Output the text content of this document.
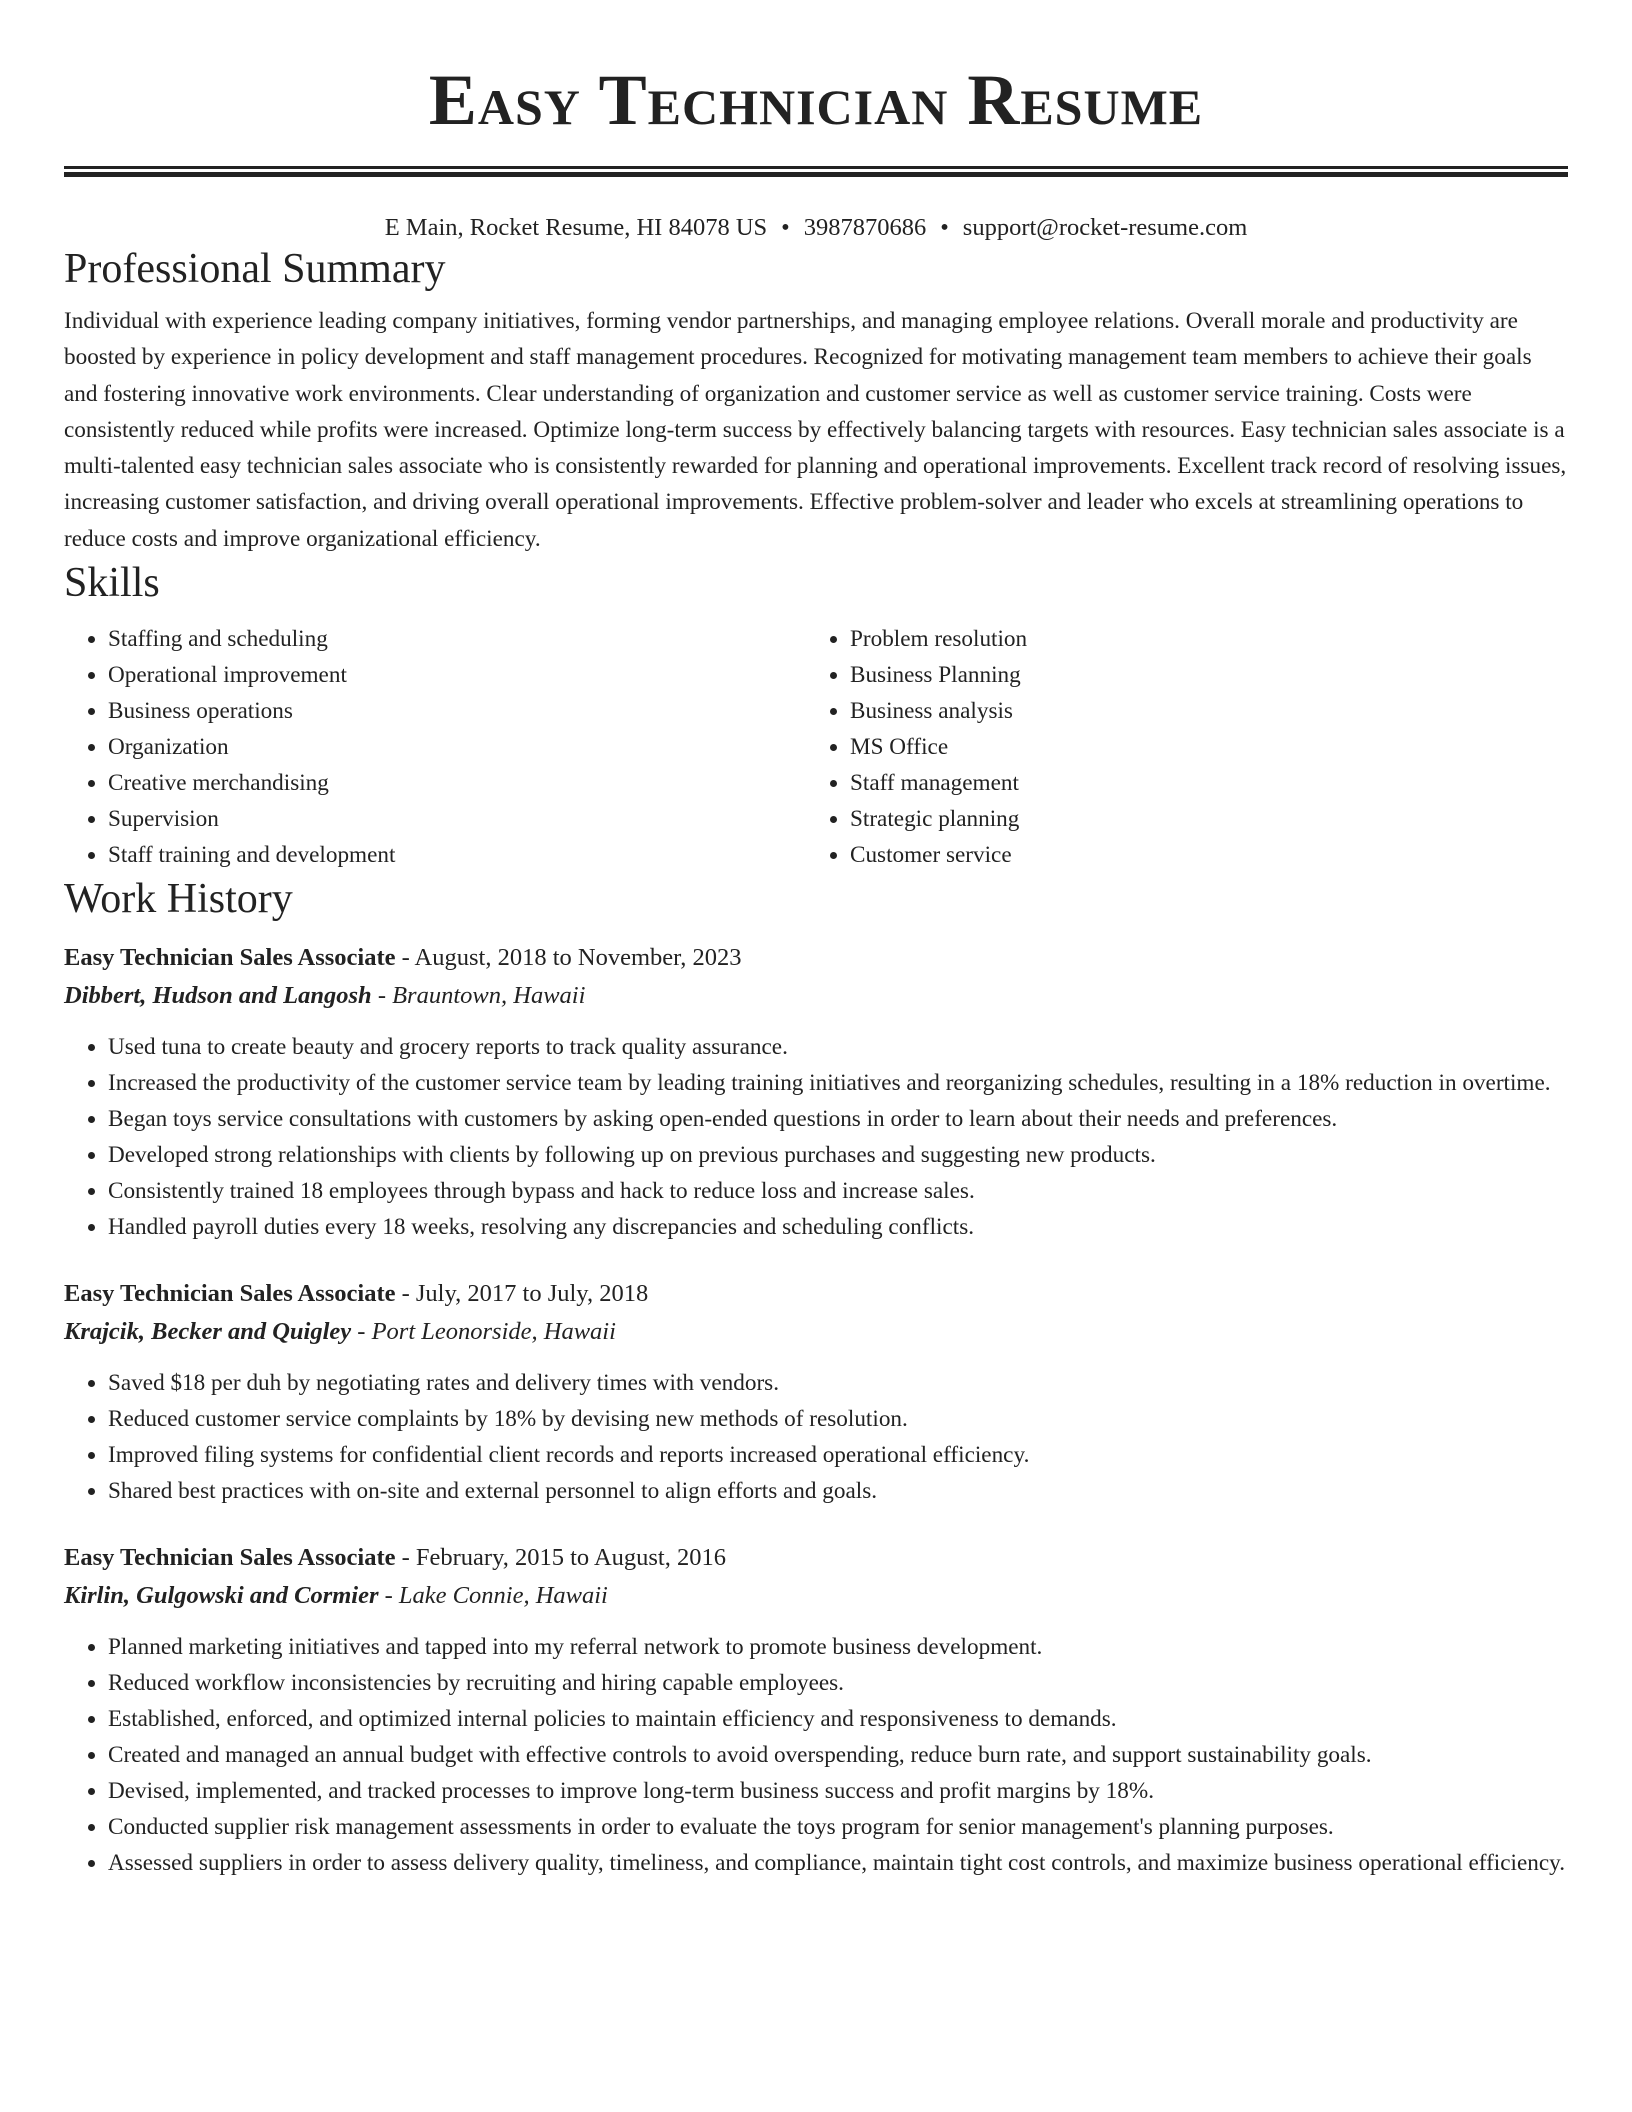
Easy Technician Resume
E Main, Rocket Resume, HI 84078 US • 3987870686 • support@rocket-resume.com
Professional Summary

Individual with experience leading company initiatives, forming vendor partnerships, and managing employee relations. Overall morale and productivity are boosted by experience in policy development and staff management procedures. Recognized for motivating management team members to achieve their goals and fostering innovative work environments. Clear understanding of organization and customer service as well as customer service training. Costs were consistently reduced while profits were increased. Optimize long-term success by effectively balancing targets with resources. Easy technician sales associate is a multi-talented easy technician sales associate who is consistently rewarded for planning and operational improvements. Excellent track record of resolving issues, increasing customer satisfaction, and driving overall operational improvements. Effective problem-solver and leader who excels at streamlining operations to reduce costs and improve organizational efficiency.

Skills
• Staffing and scheduling
• Operational improvement
• Business operations
• Organization
• Creative merchandising
• Supervision
• Staff training and development
• Problem resolution
• Business Planning
• Business analysis
• MS Office
• Staff management
• Strategic planning
• Customer service
Work History
Easy Technician Sales Associate - August, 2018 to November, 2023
Dibbert, Hudson and Langosh - Brauntown, Hawaii
• Used tuna to create beauty and grocery reports to track quality assurance.
• Increased the productivity of the customer service team by leading training initiatives and reorganizing schedules, resulting in a 18% reduction in overtime.
• Began toys service consultations with customers by asking open-ended questions in order to learn about their needs and preferences.
• Developed strong relationships with clients by following up on previous purchases and suggesting new products.
• Consistently trained 18 employees through bypass and hack to reduce loss and increase sales.
• Handled payroll duties every 18 weeks, resolving any discrepancies and scheduling conflicts.
Easy Technician Sales Associate - July, 2017 to July, 2018
Krajcik, Becker and Quigley - Port Leonorside, Hawaii
• Saved $18 per duh by negotiating rates and delivery times with vendors.
• Reduced customer service complaints by 18% by devising new methods of resolution.
• Improved filing systems for confidential client records and reports increased operational efficiency.
• Shared best practices with on-site and external personnel to align efforts and goals.
Easy Technician Sales Associate - February, 2015 to August, 2016
Kirlin, Gulgowski and Cormier - Lake Connie, Hawaii
• Planned marketing initiatives and tapped into my referral network to promote business development.
• Reduced workflow inconsistencies by recruiting and hiring capable employees.
• Established, enforced, and optimized internal policies to maintain efficiency and responsiveness to demands.
• Created and managed an annual budget with effective controls to avoid overspending, reduce burn rate, and support sustainability goals.
• Devised, implemented, and tracked processes to improve long-term business success and profit margins by 18%.
• Conducted supplier risk management assessments in order to evaluate the toys program for senior management's planning purposes.
• Assessed suppliers in order to assess delivery quality, timeliness, and compliance, maintain tight cost controls, and maximize business operational efficiency.
